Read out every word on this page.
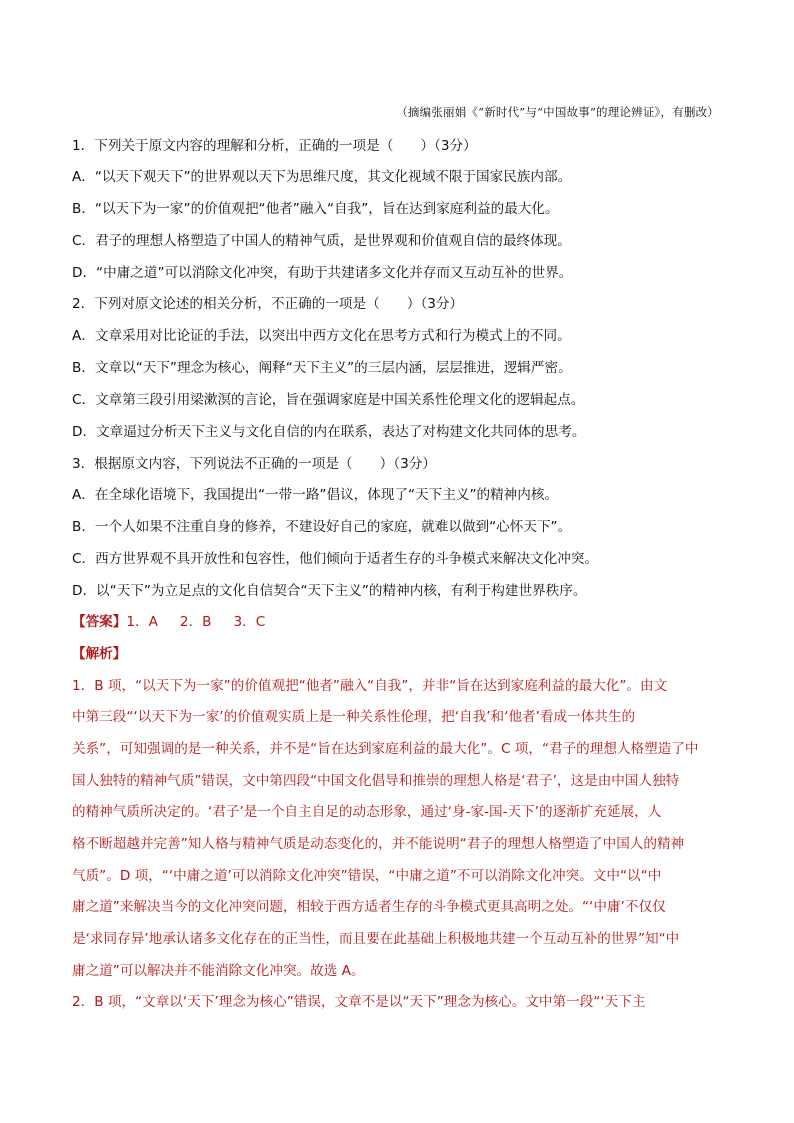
（摘编张丽娟《“新时代”与“中国故事”的理论辨证》，有删改）
1．下列关于原文内容的理解和分析，正确的一项是（　　）（3分）
A．“以天下观天下”的世界观以天下为思维尺度，其文化视域不限于国家民族内部。
B．“以天下为一家”的价值观把“他者”融入“自我”，旨在达到家庭利益的最大化。
C．君子的理想人格塑造了中国人的精神气质，是世界观和价值观自信的最终体现。
D．“中庸之道”可以消除文化冲突，有助于共建诸多文化并存而又互动互补的世界。
2．下列对原文论述的相关分析，不正确的一项是（　　）（3分）
A．文章采用对比论证的手法，以突出中西方文化在思考方式和行为模式上的不同。
B．文章以“天下”理念为核心，阐释“天下主义”的三层内涵，层层推进，逻辑严密。
C．文章第三段引用梁漱溟的言论，旨在强调家庭是中国关系性伦理文化的逻辑起点。
D．文章逼过分析天下主义与文化自信的内在联系，表达了对构建文化共同体的思考。
3．根据原文内容，下列说法不正确的一项是（　　）（3分）
A．在全球化语境下，我国提出“一带一路”倡议，体现了“天下主义”的精神内核。
B．一个人如果不注重自身的修养，不建设好自己的家庭，就难以做到“心怀天下”。
C．西方世界观不具开放性和包容性，他们倾向于适者生存的斗争模式来解决文化冲突。
D．以“天下”为立足点的文化自信契合“天下主义”的精神内核，有利于构建世界秩序。
【答案】1．A 2．B 3．C
【解析】
1．B 项，“以天下为一家”的价值观把“他者”融入“自我”，并非“旨在达到家庭利益的最大化”。由文
中第三段“‘以天下为一家’的价值观实质上是一种关系性伦理，把‘自我’和‘他者’看成一体共生的
关系”，可知强调的是一种关系，并不是“旨在达到家庭利益的最大化”。C 项，“君子的理想人格塑造了中
国人独特的精神气质”错误，文中第四段“中国文化倡导和推崇的理想人格是‘君子’，这是由中国人独特
的精神气质所决定的。‘君子’是一个自主自足的动态形象，通过‘身-家-国-天下’的逐渐扩充延展，人
格不断超越并完善”知人格与精神气质是动态变化的，并不能说明“君子的理想人格塑造了中国人的精神
气质”。D 项，“‘中庸之道’可以消除文化冲突”错误，“中庸之道”不可以消除文化冲突。文中“以“中
庸之道”来解决当今的文化冲突问题，相较于西方适者生存的斗争模式更具高明之处。“‘中庸’不仅仅
是‘求同存异’地承认诸多文化存在的正当性，而且要在此基础上积极地共建一个互动互补的世界”知“中
庸之道”可以解决并不能消除文化冲突。故选 A。
2．B 项，“文章以‘天下’理念为核心”错误，文章不是以“天下”理念为核心。文中第一段“‘天下主
